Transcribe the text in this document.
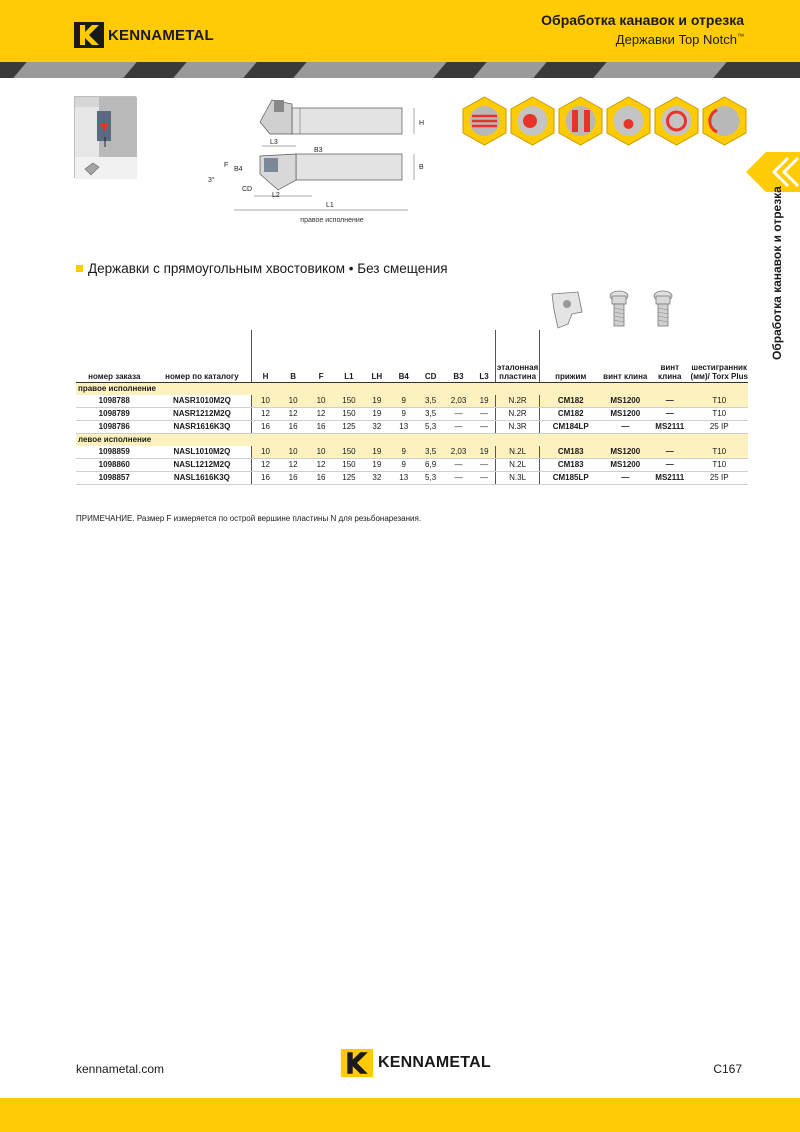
KENNAMETAL
Обработка канавок и отрезка
Державки Top Notch™
Обработка канавок и отрезка
H
L3
B3
F
B4	B
3°
CD
L2
L1
правое исполнение
Державки с прямоугольным хвостовиком • Без смещения
номер заказа	номер по каталогу	H	B	F	L1	LH	B4	CD	B3	L3	эталонная пластина	прижим	винт клина	винт клина	шестигранник (мм)/ Torx Plus
правое исполнение															
1098788	NASR1010M2Q	10	10	10	150	19	9	3,5	2,03	19	N.2R	CM182	MS1200	—	T10
1098789	NASR1212M2Q	12	12	12	150	19	9	3,5	—	—	N.2R	CM182	MS1200	—	T10
1098786	NASR1616K3Q	16	16	16	125	32	13	5,3	—	—	N.3R	CM184LP	—	MS2111	25 IP
левое исполнение															
1098859	NASL1010M2Q	10	10	10	150	19	9	3,5	2,03	19	N.2L	CM183	MS1200	—	T10
1098860	NASL1212M2Q	12	12	12	150	19	9	6,9	—	—	N.2L	CM183	MS1200	—	T10
1098857	NASL1616K3Q	16	16	16	125	32	13	5,3	—	—	N.3L	CM185LP	—	MS2111	25 IP
ПРИМЕЧАНИЕ. Размер F измеряется по острой вершине пластины N для резьбонарезания.
kennametal.com	KENNAMETAL	C167
